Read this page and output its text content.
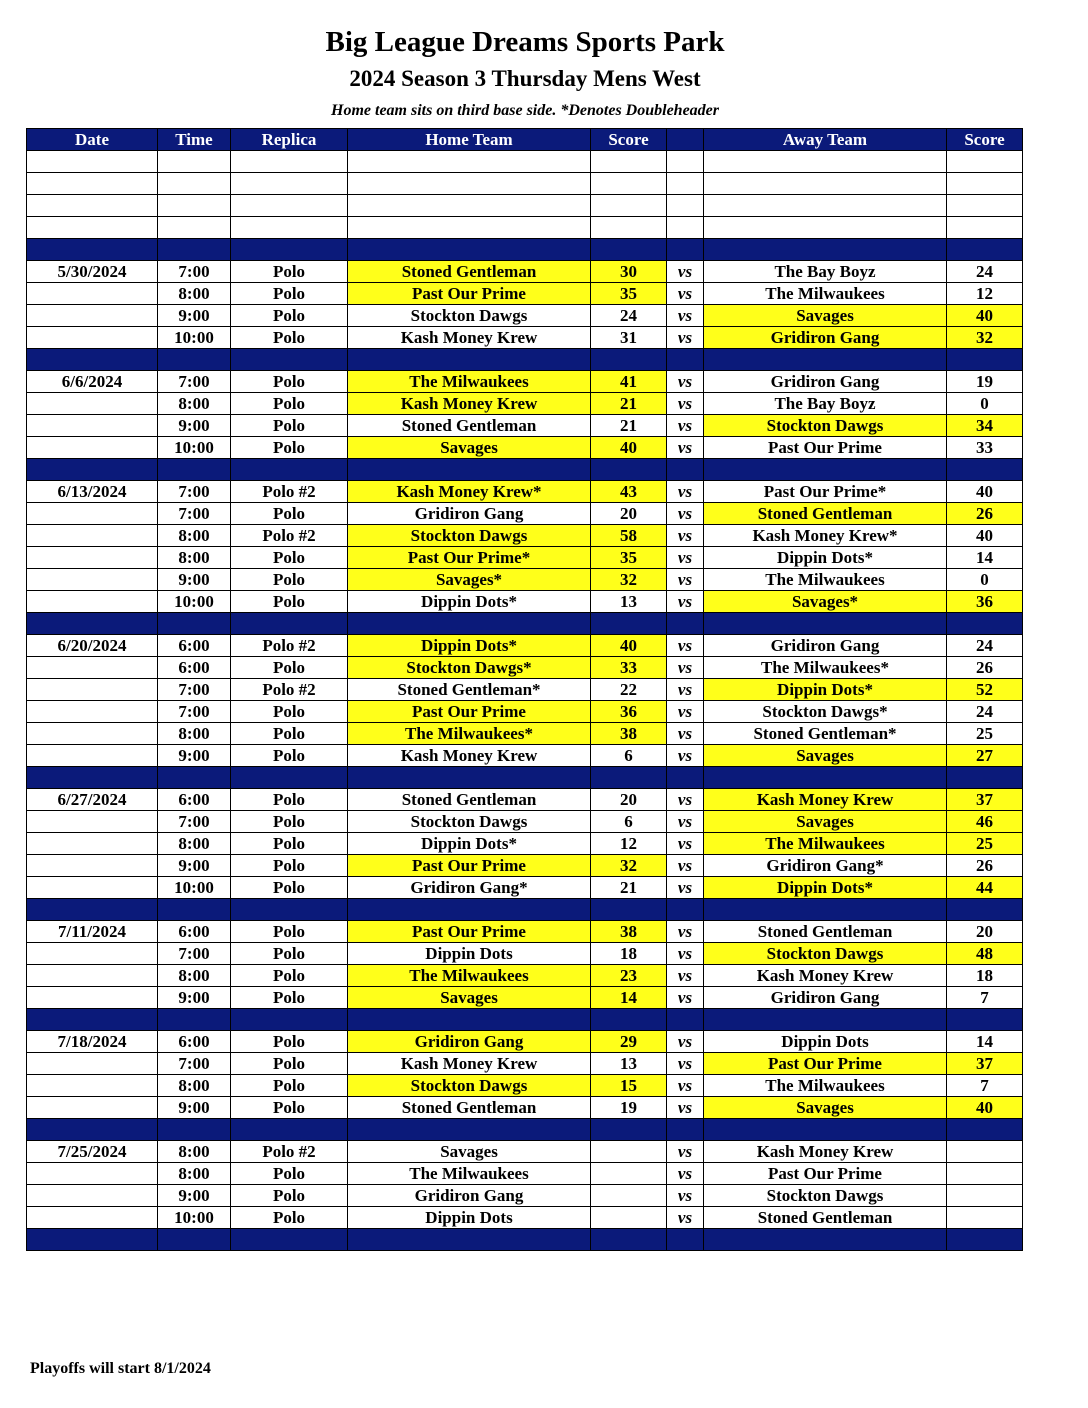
Big League Dreams Sports Park
2024 Season 3 Thursday Mens West
Home team sits on third base side. *Denotes Doubleheader
Date	Time	Replica	Home Team	Score		Away Team	Score

5/30/2024	7:00	Polo	Stoned Gentleman	30	vs	The Bay Boyz	24
	8:00	Polo	Past Our Prime	35	vs	The Milwaukees	12
	9:00	Polo	Stockton Dawgs	24	vs	Savages	40
	10:00	Polo	Kash Money Krew	31	vs	Gridiron Gang	32

6/6/2024	7:00	Polo	The Milwaukees	41	vs	Gridiron Gang	19
	8:00	Polo	Kash Money Krew	21	vs	The Bay Boyz	0
	9:00	Polo	Stoned Gentleman	21	vs	Stockton Dawgs	34
	10:00	Polo	Savages	40	vs	Past Our Prime	33

6/13/2024	7:00	Polo #2	Kash Money Krew*	43	vs	Past Our Prime*	40
	7:00	Polo	Gridiron Gang	20	vs	Stoned Gentleman	26
	8:00	Polo #2	Stockton Dawgs	58	vs	Kash Money Krew*	40
	8:00	Polo	Past Our Prime*	35	vs	Dippin Dots*	14
	9:00	Polo	Savages*	32	vs	The Milwaukees	0
	10:00	Polo	Dippin Dots*	13	vs	Savages*	36

6/20/2024	6:00	Polo #2	Dippin Dots*	40	vs	Gridiron Gang	24
	6:00	Polo	Stockton Dawgs*	33	vs	The Milwaukees*	26
	7:00	Polo #2	Stoned Gentleman*	22	vs	Dippin Dots*	52
	7:00	Polo	Past Our Prime	36	vs	Stockton Dawgs*	24
	8:00	Polo	The Milwaukees*	38	vs	Stoned Gentleman*	25
	9:00	Polo	Kash Money Krew	6	vs	Savages	27

6/27/2024	6:00	Polo	Stoned Gentleman	20	vs	Kash Money Krew	37
	7:00	Polo	Stockton Dawgs	6	vs	Savages	46
	8:00	Polo	Dippin Dots*	12	vs	The Milwaukees	25
	9:00	Polo	Past Our Prime	32	vs	Gridiron Gang*	26
	10:00	Polo	Gridiron Gang*	21	vs	Dippin Dots*	44

7/11/2024	6:00	Polo	Past Our Prime	38	vs	Stoned Gentleman	20
	7:00	Polo	Dippin Dots	18	vs	Stockton Dawgs	48
	8:00	Polo	The Milwaukees	23	vs	Kash Money Krew	18
	9:00	Polo	Savages	14	vs	Gridiron Gang	7

7/18/2024	6:00	Polo	Gridiron Gang	29	vs	Dippin Dots	14
	7:00	Polo	Kash Money Krew	13	vs	Past Our Prime	37
	8:00	Polo	Stockton Dawgs	15	vs	The Milwaukees	7
	9:00	Polo	Stoned Gentleman	19	vs	Savages	40

7/25/2024	8:00	Polo #2	Savages		vs	Kash Money Krew	
	8:00	Polo	The Milwaukees		vs	Past Our Prime	
	9:00	Polo	Gridiron Gang		vs	Stockton Dawgs	
	10:00	Polo	Dippin Dots		vs	Stoned Gentleman	

Playoffs will start 8/1/2024
